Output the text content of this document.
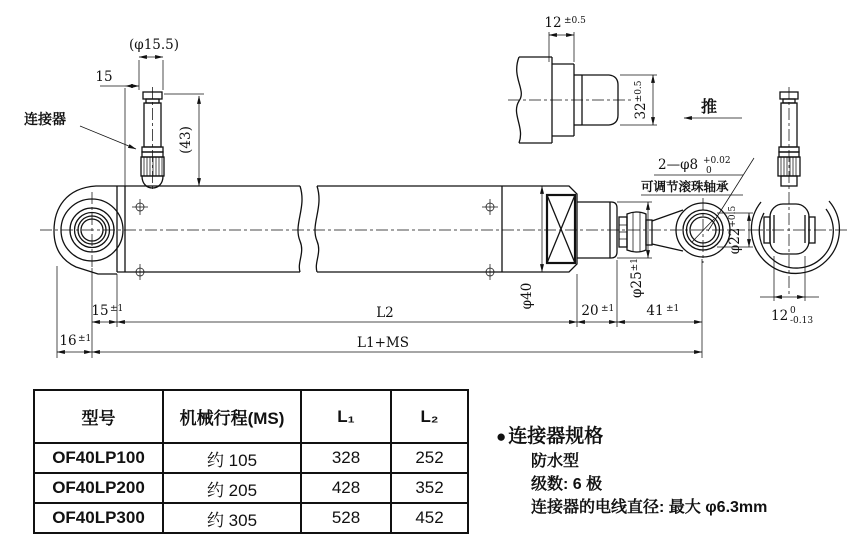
(φ15.5)
15
(43)
连接器
12 ±0.5
$32^{\pm 0.5}$
推
2—φ8 +0.02
0
可调节滚珠轴承
φ40	$\varphi 25^{\pm 1}$
$\varphi 22^{+0.5}$
15 ±1	L2	20 ±1 41 ±1
16 ±1	L1+MS
12 0
-0.13
型号	机械行程(MS)	L₁	L₂
OF40LP100	约 105	328	252
OF40LP200	约 205	428	352
OF40LP300	约 305	528	452
● 连接器规格
防水型
级数: 6 极
连接器的电线直径: 最大 φ6.3mm
